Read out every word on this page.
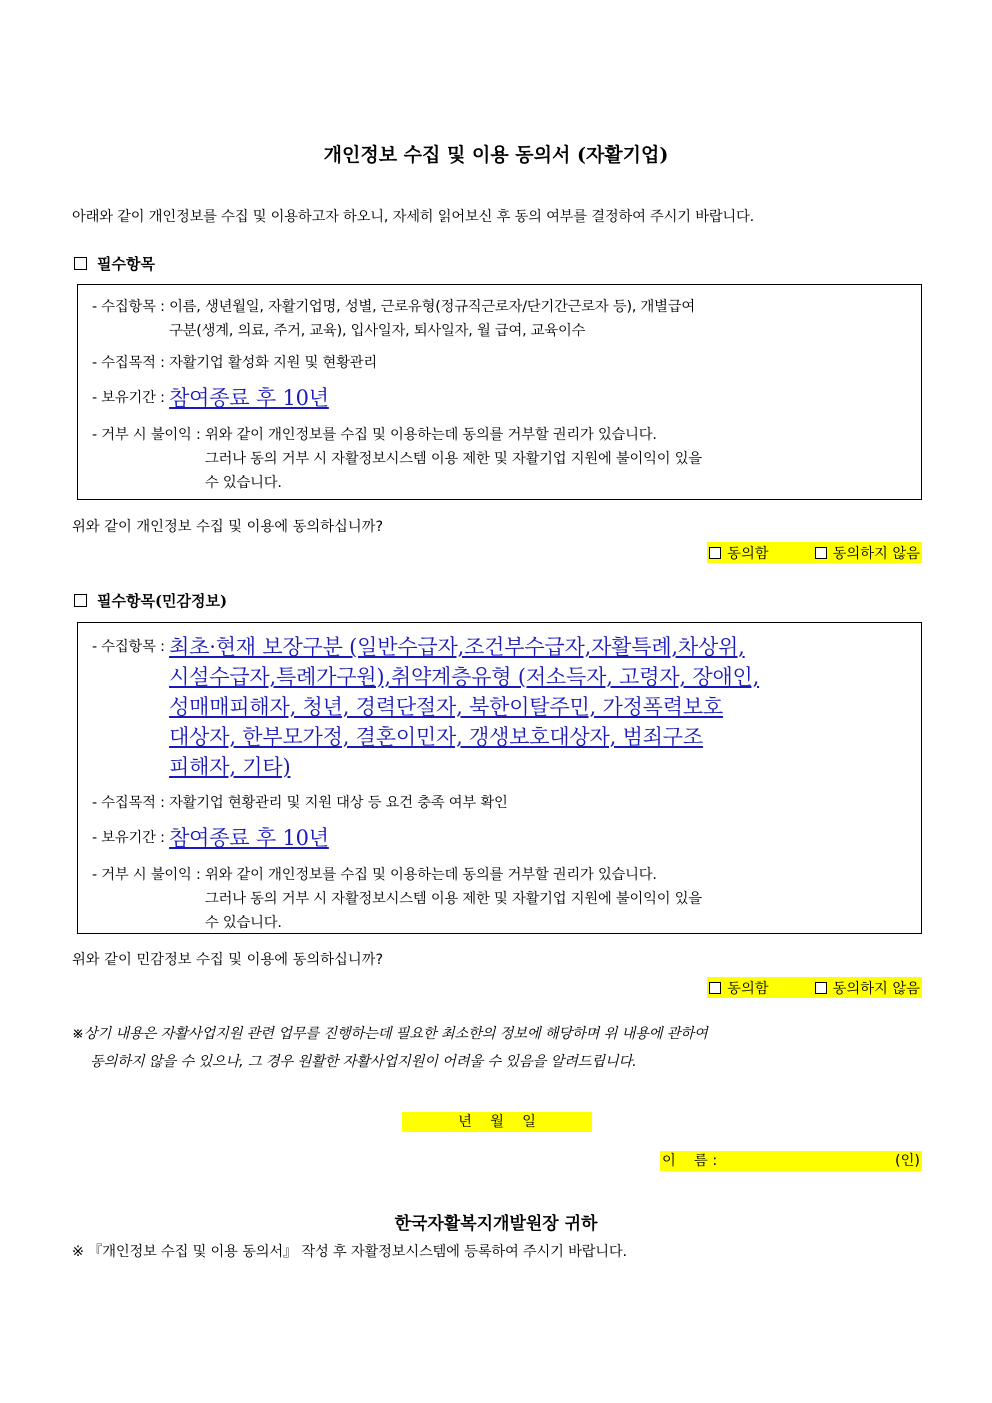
개인정보 수집 및 이용 동의서 (자활기업)
아래와 같이 개인정보를 수집 및 이용하고자 하오니, 자세히 읽어보신 후 동의 여부를 결정하여 주시기 바랍니다.
필수항목
- 수집항목 : 이름, 생년월일, 자활기업명, 성별, 근로유형(정규직근로자/단기간근로자 등), 개별급여
구분(생계, 의료, 주거, 교육), 입사일자, 퇴사일자, 월 급여, 교육이수
- 수집목적 : 자활기업 활성화 지원 및 현황관리
- 보유기간 : 참여종료 후 10년
- 거부 시 불이익 : 위와 같이 개인정보를 수집 및 이용하는데 동의를 거부할 권리가 있습니다.
그러나 동의 거부 시 자활정보시스템 이용 제한 및 자활기업 지원에 불이익이 있을
수 있습니다.
위와 같이 개인정보 수집 및 이용에 동의하십니까?
동의함	동의하지 않음
필수항목(민감정보)
- 수집항목 : 최초·현재 보장구분 (일반수급자,조건부수급자,자활특례,차상위,
시설수급자,특례가구원),취약계층유형 (저소득자, 고령자, 장애인,
성매매피해자, 청년, 경력단절자, 북한이탈주민, 가정폭력보호
대상자, 한부모가정, 결혼이민자, 갱생보호대상자, 범죄구조
피해자, 기타)
- 수집목적 : 자활기업 현황관리 및 지원 대상 등 요건 충족 여부 확인
- 보유기간 : 참여종료 후 10년
- 거부 시 불이익 : 위와 같이 개인정보를 수집 및 이용하는데 동의를 거부할 권리가 있습니다.
그러나 동의 거부 시 자활정보시스템 이용 제한 및 자활기업 지원에 불이익이 있을
수 있습니다.
위와 같이 민감정보 수집 및 이용에 동의하십니까?
동의함	동의하지 않음
※상기 내용은 자활사업지원 관련 업무를 진행하는데 필요한 최소한의 정보에 해당하며 위 내용에 관하여
동의하지 않을 수 있으나, 그 경우 원활한 자활사업지원이 어려울 수 있음을 알려드립니다.
년    월    일
이    름 :	(인)
한국자활복지개발원장 귀하
※ 『개인정보 수집 및 이용 동의서』 작성 후 자활정보시스템에 등록하여 주시기 바랍니다.
